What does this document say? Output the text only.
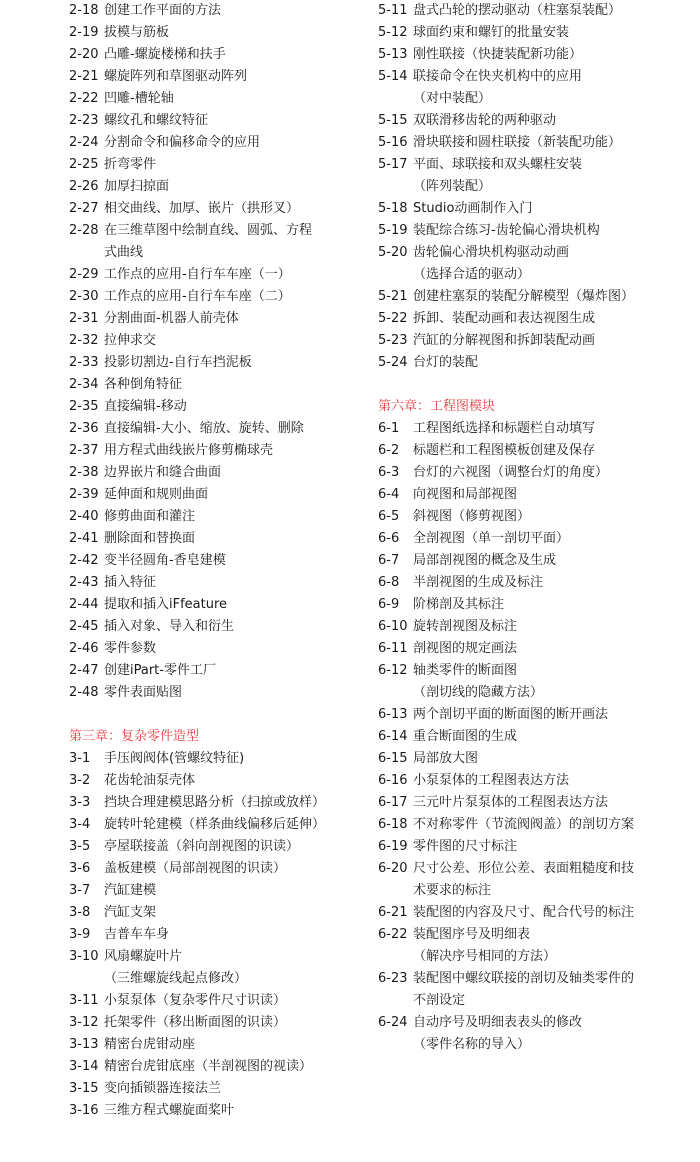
2-18 创建工作平面的方法
2-19 拔模与筋板
2-20 凸雕-螺旋楼梯和扶手
2-21 螺旋阵列和草图驱动阵列
2-22 凹雕-槽轮轴
2-23 螺纹孔和螺纹特征
2-24 分割命令和偏移命令的应用
2-25 折弯零件
2-26 加厚扫掠面
2-27 相交曲线、加厚、嵌片（拱形叉）
2-28 在三维草图中绘制直线、圆弧、方程
式曲线
2-29 工作点的应用-自行车车座（一）
2-30 工作点的应用-自行车车座（二）
2-31 分割曲面-机器人前壳体
2-32 拉伸求交
2-33 投影切割边-自行车挡泥板
2-34 各种倒角特征
2-35 直接编辑-移动
2-36 直接编辑-大小、缩放、旋转、删除
2-37 用方程式曲线嵌片修剪椭球壳
2-38 边界嵌片和缝合曲面
2-39 延伸面和规则曲面
2-40 修剪曲面和灌注
2-41 删除面和替换面
2-42 变半径圆角-香皂建模
2-43 插入特征
2-44 提取和插入iFfeature
2-45 插入对象、导入和衍生
2-46 零件参数
2-47 创建iPart-零件工厂
2-48 零件表面贴图
第三章：复杂零件造型
3-1 手压阀阀体(管螺纹特征)
3-2 花齿轮油泵壳体
3-3 挡块合理建模思路分析（扫掠或放样）
3-4 旋转叶轮建模（样条曲线偏移后延伸）
3-5 亭屋联接盖（斜向剖视图的识读）
3-6 盖板建模（局部剖视图的识读）
3-7 汽缸建模
3-8 汽缸支架
3-9 吉普车车身
3-10 风扇螺旋叶片
（三维螺旋线起点修改）
3-11 小泵泵体（复杂零件尺寸识读）
3-12 托架零件（移出断面图的识读）
3-13 精密台虎钳动座
3-14 精密台虎钳底座（半剖视图的视读）
3-15 变向插锁器连接法兰
3-16 三维方程式螺旋面桨叶
5-11 盘式凸轮的摆动驱动（柱塞泵装配）
5-12 球面约束和螺钉的批量安装
5-13 刚性联接（快捷装配新功能）
5-14 联接命令在快夹机构中的应用
（对中装配）
5-15 双联滑移齿轮的两种驱动
5-16 滑块联接和圆柱联接（新装配功能）
5-17 平面、球联接和双头螺柱安装
（阵列装配）
5-18 Studio动画制作入门
5-19 装配综合练习-齿轮偏心滑块机构
5-20 齿轮偏心滑块机构驱动动画
（选择合适的驱动）
5-21 创建柱塞泵的装配分解模型（爆炸图）
5-22 拆卸、装配动画和表达视图生成
5-23 汽缸的分解视图和拆卸装配动画
5-24 台灯的装配
第六章：工程图模块
6-1 工程图纸选择和标题栏自动填写
6-2 标题栏和工程图模板创建及保存
6-3 台灯的六视图（调整台灯的角度）
6-4 向视图和局部视图
6-5 斜视图（修剪视图）
6-6 全剖视图（单一剖切平面）
6-7 局部剖视图的概念及生成
6-8 半剖视图的生成及标注
6-9 阶梯剖及其标注
6-10 旋转剖视图及标注
6-11 剖视图的规定画法
6-12 轴类零件的断面图
（剖切线的隐藏方法）
6-13 两个剖切平面的断面图的断开画法
6-14 重合断面图的生成
6-15 局部放大图
6-16 小泵泵体的工程图表达方法
6-17 三元叶片泵泵体的工程图表达方法
6-18 不对称零件（节流阀阀盖）的剖切方案
6-19 零件图的尺寸标注
6-20 尺寸公差、形位公差、表面粗糙度和技
术要求的标注
6-21 装配图的内容及尺寸、配合代号的标注
6-22 装配图序号及明细表
（解决序号相同的方法）
6-23 装配图中螺纹联接的剖切及轴类零件的
不剖设定
6-24 自动序号及明细表表头的修改
（零件名称的导入）
